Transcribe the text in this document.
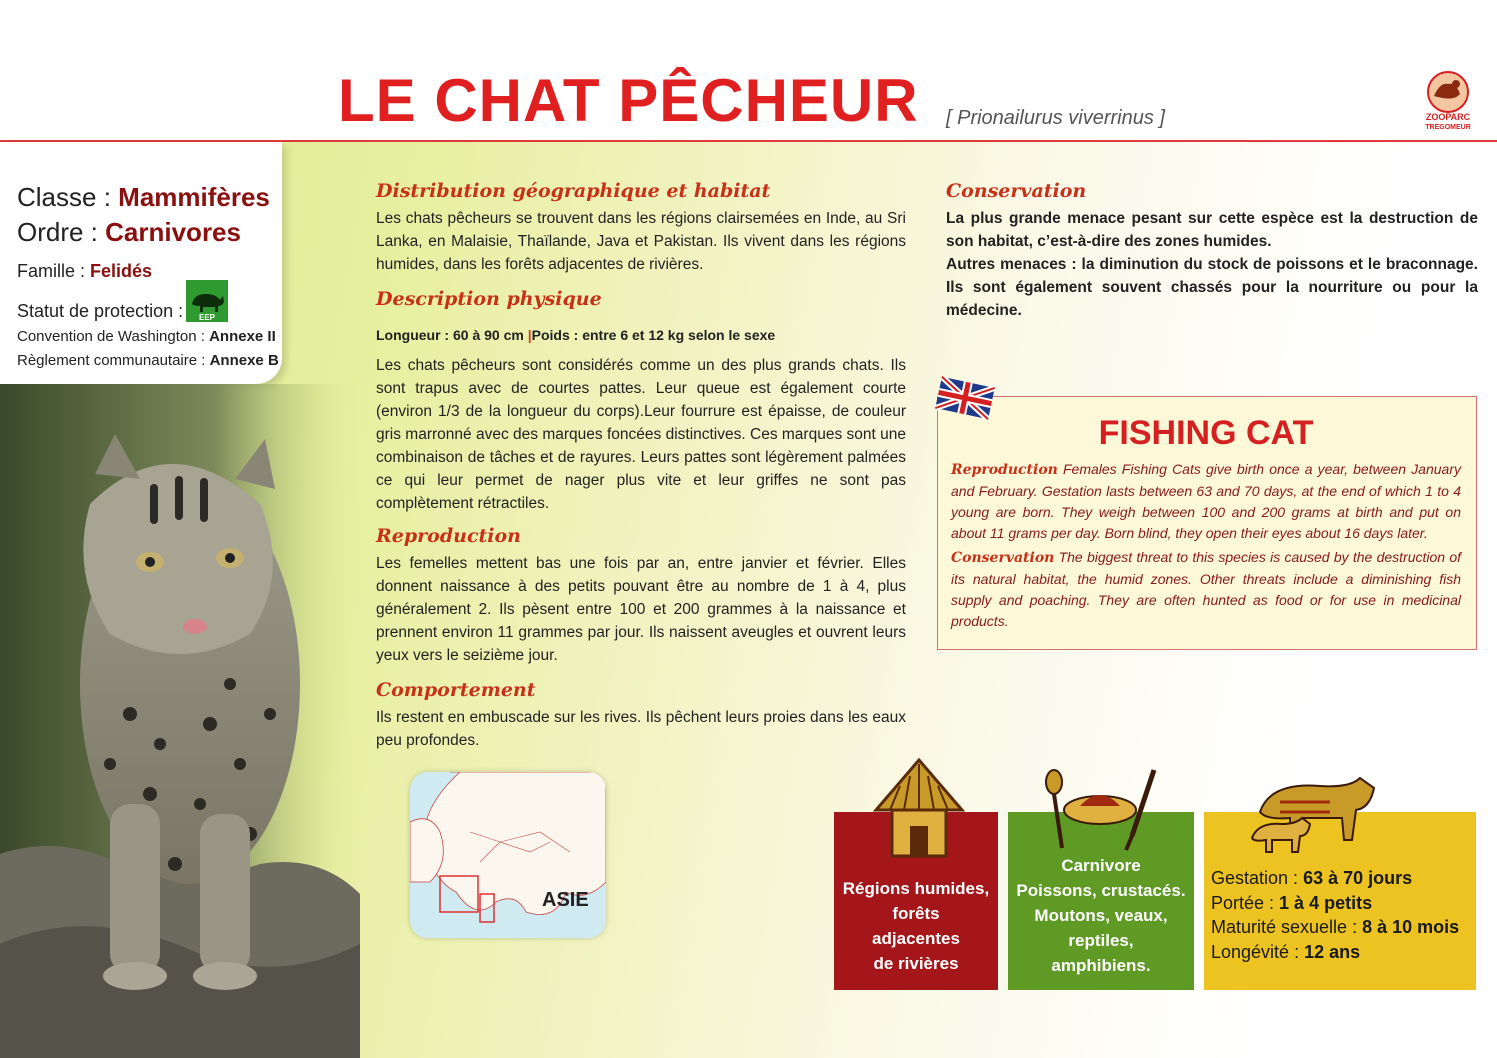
LE CHAT PÊCHEUR [ Prionailurus viverrinus ]	ZOOPARC
TREGOMEUR
Classe : Mammifères
Ordre : Carnivores
Famille : Felidés
Statut de protection :
Convention de Washington : Annexe II
Règlement communautaire : Annexe B
EEP
Distribution géographique et habitat
Les chats pêcheurs se trouvent dans les régions clairsemées en Inde, au Sri Lanka, en Malaisie, Thaïlande, Java et Pakistan. Ils vivent dans les régions humides, dans les forêts adjacentes de rivières.
Description physique
Longueur : 60 à 90 cm |Poids : entre 6 et 12 kg selon le sexe
Les chats pêcheurs sont considérés comme un des plus grands chats. Ils sont trapus avec de courtes pattes. Leur queue est également courte (environ 1/3 de la longueur du corps).Leur fourrure est épaisse, de couleur gris marronné avec des marques foncées distinctives. Ces marques sont une combinaison de tâches et de rayures. Leurs pattes sont légèrement palmées ce qui leur permet de nager plus vite et leur griffes ne sont pas complètement rétractiles.
Reproduction
Les femelles mettent bas une fois par an, entre janvier et février. Elles donnent naissance à des petits pouvant être au nombre de 1 à 4, plus généralement 2. Ils pèsent entre 100 et 200 grammes à la naissance et prennent environ 11 grammes par jour. Ils naissent aveugles et ouvrent leurs yeux vers le seizième jour.
Comportement
Ils restent en embuscade sur les rives. Ils pêchent leurs proies dans les eaux peu profondes.
Conservation
La plus grande menace pesant sur cette espèce est la destruction de son habitat, c’est-à-dire des zones humides.
Autres menaces : la diminution du stock de poissons et le braconnage. Ils sont également souvent chassés pour la nourriture ou pour la médecine.
ASIE
FISHING CAT
Reproduction Females Fishing Cats give birth once a year, between January and February. Gestation lasts between 63 and 70 days, at the end of which 1 to 4 young are born. They weigh between 100 and 200 grams at birth and put on about 11 grams per day. Born blind, they open their eyes about 16 days later.
Conservation The biggest threat to this species is caused by the destruction of its natural habitat, the humid zones. Other threats include a diminishing fish supply and poaching. They are often hunted as food or for use in medicinal products.
Régions humides,
forêts
adjacentes
de rivières
Carnivore
Poissons, crustacés.
Moutons, veaux,
reptiles,
amphibiens.
Gestation : 63 à 70 jours
Portée : 1 à 4 petits
Maturité sexuelle : 8 à 10 mois
Longévité : 12 ans
